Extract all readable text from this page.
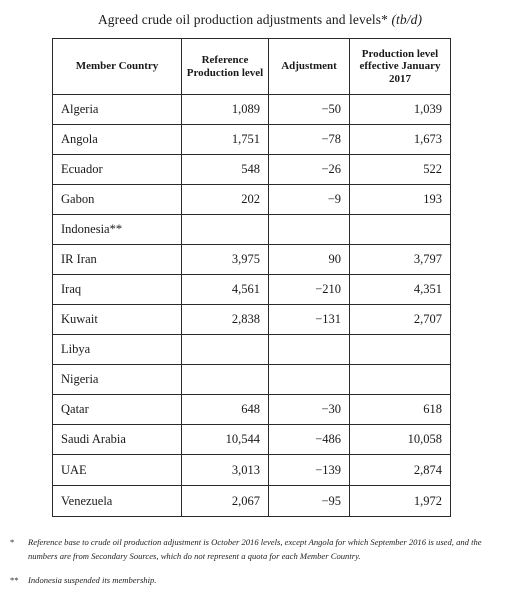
Agreed crude oil production adjustments and levels* (tb/d)
Member Country	Reference Production level	Adjustment	Production level effective January 2017
Algeria	1,089	−50	1,039
Angola	1,751	−78	1,673
Ecuador	548	−26	522
Gabon	202	−9	193
Indonesia**			
IR Iran	3,975	90	3,797
Iraq	4,561	−210	4,351
Kuwait	2,838	−131	2,707
Libya			
Nigeria			
Qatar	648	−30	618
Saudi Arabia	10,544	−486	10,058
UAE	3,013	−139	2,874
Venezuela	2,067	−95	1,972
* Reference base to crude oil production adjustment is October 2016 levels, except Angola for which September 2016 is used, and the numbers are from Secondary Sources, which do not represent a quota for each Member Country.
** Indonesia suspended its membership.
